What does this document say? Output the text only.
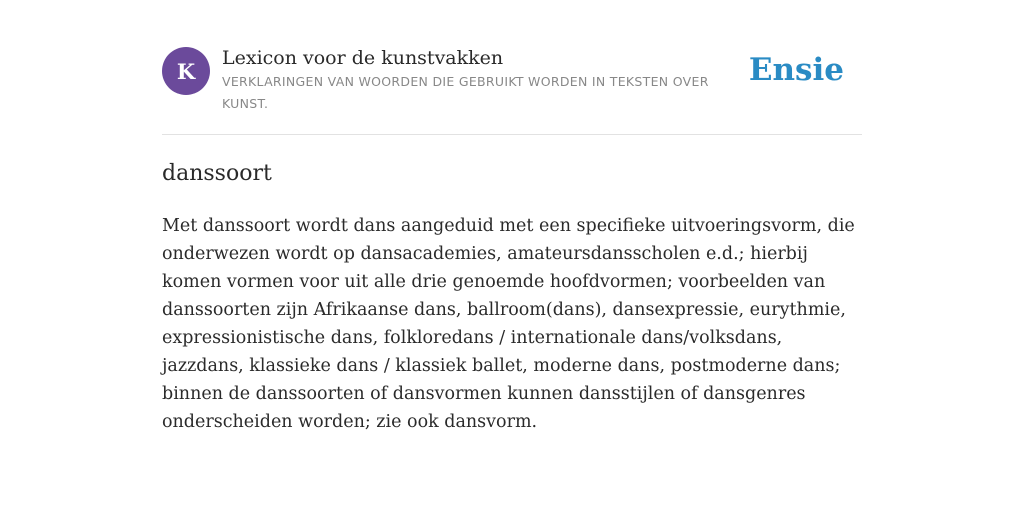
K
Lexicon voor de kunstvakken
VERKLARINGEN VAN WOORDEN DIE GEBRUIKT WORDEN IN TEKSTEN OVER KUNST.
Ensie
danssoort

Met danssoort wordt dans aangeduid met een specifieke uitvoeringsvorm, die onderwezen wordt op dansacademies, amateursdansscholen e.d.; hierbij komen vormen voor uit alle drie genoemde hoofdvormen; voorbeelden van danssoorten zijn Afrikaanse dans, ballroom(dans), dansexpressie, eurythmie, expressionistische dans, folkloredans / internationale dans/volksdans, jazzdans, klassieke dans / klassiek ballet, moderne dans, postmoderne dans; binnen de danssoorten of dansvormen kunnen dansstijlen of dansgenres onderscheiden worden; zie ook dansvorm.
